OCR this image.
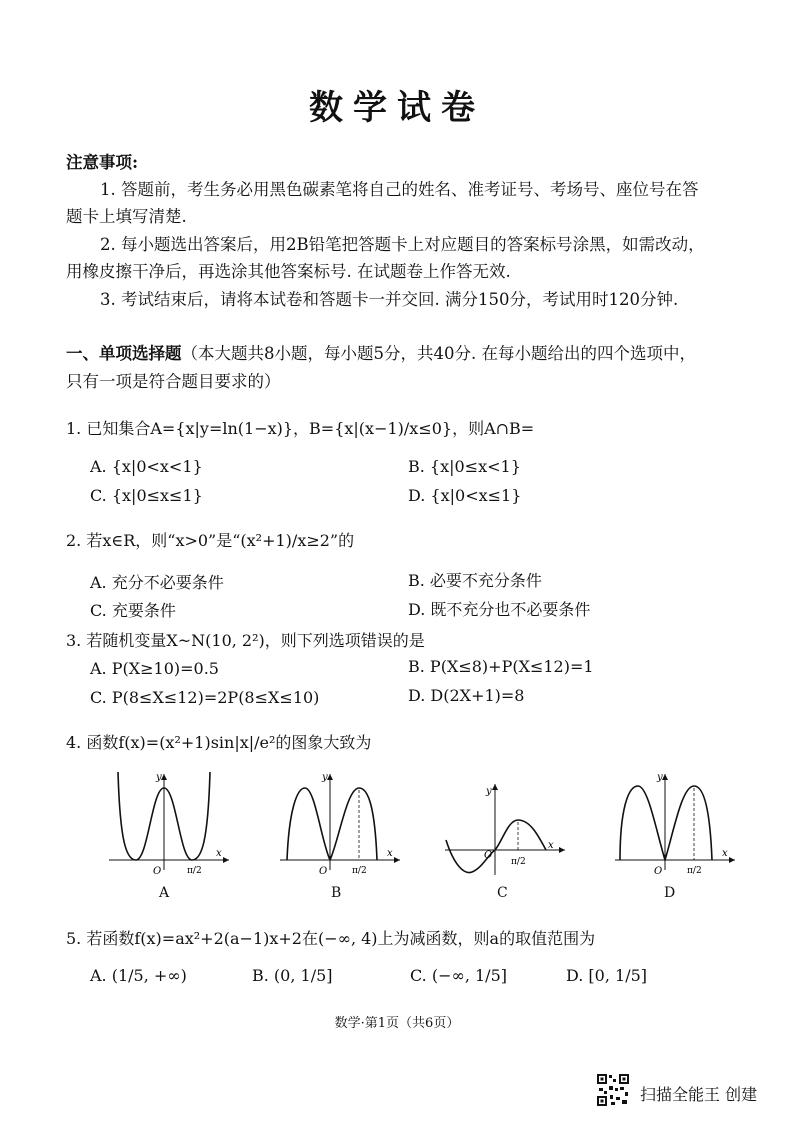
数学试卷
注意事项:
1. 答题前，考生务必用黑色碳素笔将自己的姓名、准考证号、考场号、座位号在答
题卡上填写清楚.
2. 每小题选出答案后，用2B铅笔把答题卡上对应题目的答案标号涂黑，如需改动，
用橡皮擦干净后，再选涂其他答案标号. 在试题卷上作答无效.
3. 考试结束后，请将本试卷和答题卡一并交回. 满分150分，考试用时120分钟.
一、单项选择题（本大题共8小题，每小题5分，共40分. 在每小题给出的四个选项中，
只有一项是符合题目要求的）
1. 已知集合A={x|y=ln(1−x)}，B={x|(x−1)/x≤0}，则A∩B=
A. {x|0<x<1}	B. {x|0≤x<1}
C. {x|0≤x≤1}	D. {x|0<x≤1}
2. 若x∈R，则“x>0”是“(x²+1)/x≥2”的
A. 充分不必要条件	B. 必要不充分条件
C. 充要条件	D. 既不充分也不必要条件
3. 若随机变量X~N(10, 2²)，则下列选项错误的是
A. P(X≥10)=0.5	B. P(X≤8)+P(X≤12)=1
C. P(8≤X≤12)=2P(8≤X≤10)	D. D(2X+1)=8
4. 函数f(x)=(x²+1)sin|x|/e²的图象大致为
y
x
O	π/2
A
y
x
O	π/2
B
y
x
O
π/2
C
y
x
O	π/2
D
5. 若函数f(x)=ax²+2(a−1)x+2在(−∞, 4)上为减函数，则a的取值范围为
A. (1/5, +∞)	B. (0, 1/5]	C. (−∞, 1/5]	D. [0, 1/5]
数学·第1页（共6页）
扫描全能王 创建
